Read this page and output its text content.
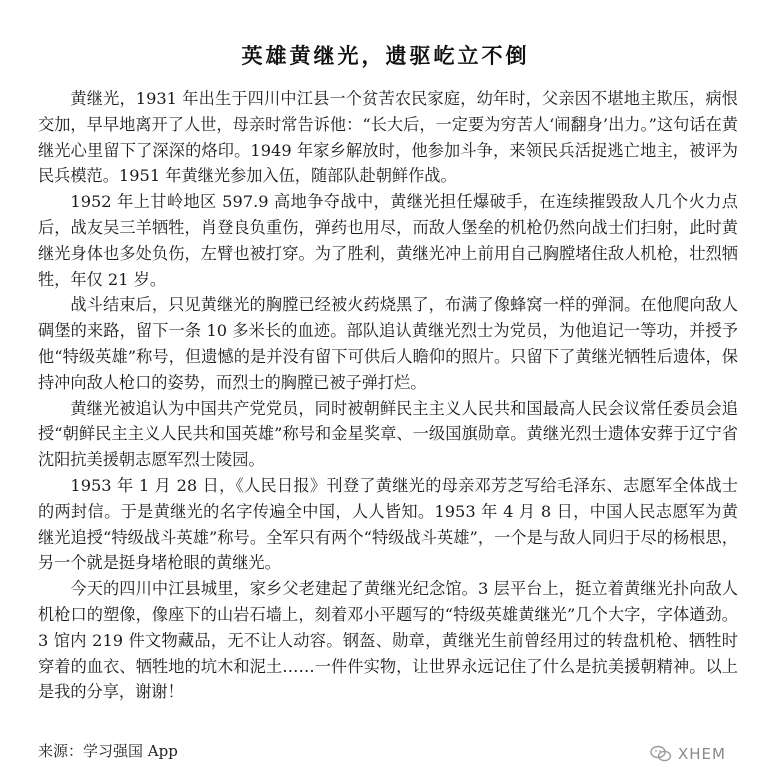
英雄黄继光，遗驱屹立不倒

黄继光，1931 年出生于四川中江县一个贫苦农民家庭，幼年时，父亲因不堪地主欺压，病恨交加，早早地离开了人世，母亲时常告诉他：“长大后，一定要为穷苦人‘闹翻身’出力。”这句话在黄继光心里留下了深深的烙印。1949 年家乡解放时，他参加斗争，来领民兵活捉逃亡地主，被评为民兵模范。1951 年黄继光参加入伍，随部队赴朝鲜作战。

1952 年上甘岭地区 597.9 高地争夺战中，黄继光担任爆破手，在连续摧毁敌人几个火力点后，战友吴三羊牺牲，肖登良负重伤，弹药也用尽，而敌人堡垒的机枪仍然向战士们扫射，此时黄继光身体也多处负伤，左臂也被打穿。为了胜利，黄继光冲上前用自己胸膛堵住敌人机枪，壮烈牺牲，年仅 21 岁。

战斗结束后，只见黄继光的胸膛已经被火药烧黑了，布满了像蜂窝一样的弹洞。在他爬向敌人碉堡的来路，留下一条 10 多米长的血迹。部队追认黄继光烈士为党员，为他追记一等功，并授予他“特级英雄”称号，但遗憾的是并没有留下可供后人瞻仰的照片。只留下了黄继光牺牲后遗体，保持冲向敌人枪口的姿势，而烈士的胸膛已被子弹打烂。

黄继光被追认为中国共产党党员，同时被朝鲜民主主义人民共和国最高人民会议常任委员会追授“朝鲜民主主义人民共和国英雄”称号和金星奖章、一级国旗勋章。黄继光烈士遗体安葬于辽宁省沈阳抗美援朝志愿军烈士陵园。

1953 年 1 月 28 日，《人民日报》刊登了黄继光的母亲邓芳芝写给毛泽东、志愿军全体战士的两封信。于是黄继光的名字传遍全中国，人人皆知。1953 年 4 月 8 日，中国人民志愿军为黄继光追授“特级战斗英雄”称号。全军只有两个“特级战斗英雄”，一个是与敌人同归于尽的杨根思，另一个就是挺身堵枪眼的黄继光。

今天的四川中江县城里，家乡父老建起了黄继光纪念馆。3 层平台上，挺立着黄继光扑向敌人机枪口的塑像，像座下的山岩石墙上，刻着邓小平题写的“特级英雄黄继光”几个大字，字体遒劲。3 馆内 219 件文物藏品，无不让人动容。钢盔、勋章，黄继光生前曾经用过的转盘机枪、牺牲时穿着的血衣、牺牲地的坑木和泥土……一件件实物，让世界永远记住了什么是抗美援朝精神。以上是我的分享，谢谢！

来源：学习强国 App	XHEM
